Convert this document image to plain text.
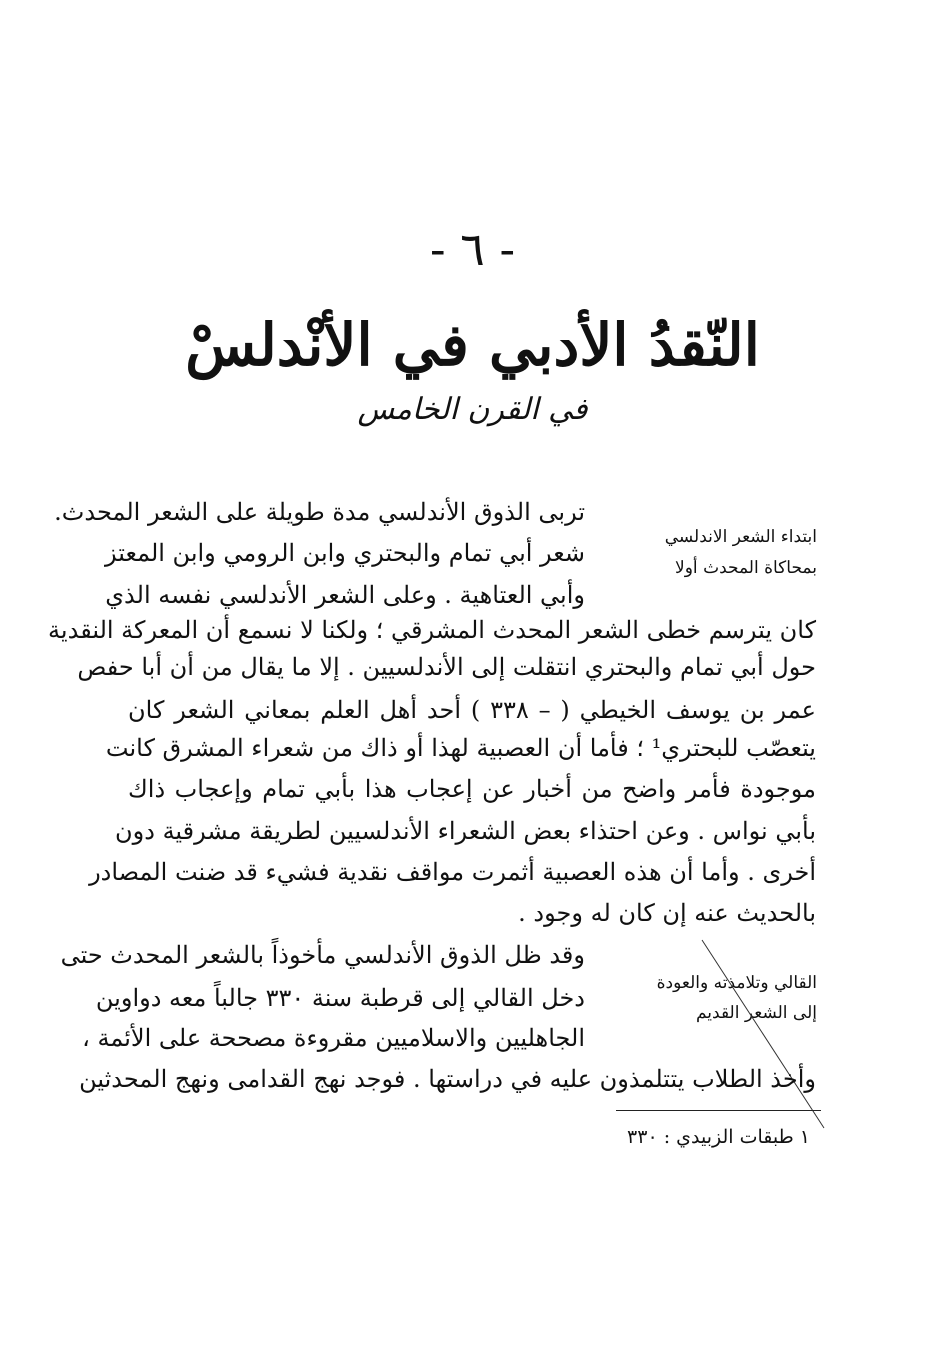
- ٦ -
النّقدُ الأدبي في الأنْدلسْ
في القرن الخامس
ابتداء الشعر الاندلسي
بمحاكاة المحدث أولا
تربى الذوق الأندلسي مدة طويلة على الشعر المحدث.
شعر أبي تمام والبحتري وابن الرومي وابن المعتز
وأبي العتاهية . وعلى الشعر الأندلسي نفسه الذي
كان يترسم خطى الشعر المحدث المشرقي ؛ ولكنا لا نسمع أن المعركة النقدية
حول أبي تمام والبحتري انتقلت إلى الأندلسيين . إلا ما يقال من أن أبا حفص
عمر بن يوسف الخيطي ( – ٣٣٨ ) أحد أهل العلم بمعاني الشعر كان
يتعصّب للبحتري¹ ؛ فأما أن العصبية لهذا أو ذاك من شعراء المشرق كانت
موجودة فأمر واضح من أخبار عن إعجاب هذا بأبي تمام وإعجاب ذاك
بأبي نواس . وعن احتذاء بعض الشعراء الأندلسيين لطريقة مشرقية دون
أخرى . وأما أن هذه العصبية أثمرت مواقف نقدية فشيء قد ضنت المصادر
بالحديث عنه إن كان له وجود .
القالي وتلامذته والعودة
إلى الشعر القديم
وقد ظل الذوق الأندلسي مأخوذاً بالشعر المحدث حتى
دخل القالي إلى قرطبة سنة ٣٣٠ جالباً معه دواوين
الجاهليين والاسلاميين مقروءة مصححة على الأئمة ،
وأخذ الطلاب يتتلمذون عليه في دراستها . فوجد نهج القدامى ونهج المحدثين
١ طبقات الزبيدي : ٣٣٠
